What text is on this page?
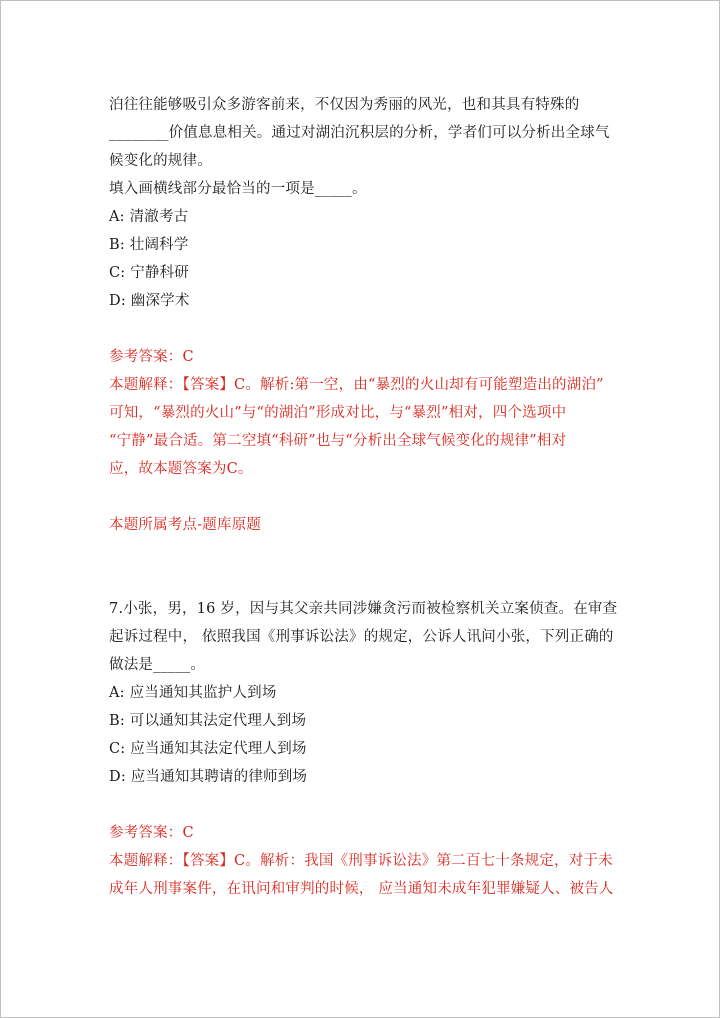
泊往往能够吸引众多游客前来，不仅因为秀丽的风光，也和其具有特殊的
________价值息息相关。通过对湖泊沉积层的分析，学者们可以分析出全球气
候变化的规律。
填入画横线部分最恰当的一项是_____。
A: 清澈考古
B: 壮阔科学
C: 宁静科研
D: 幽深学术
参考答案：C
本题解释：【答案】C。解析:第一空，由“暴烈的火山却有可能塑造出的湖泊”
可知，“暴烈的火山”与“的湖泊”形成对比，与“暴烈”相对，四个选项中
“宁静”最合适。第二空填“科研”也与“分析出全球气候变化的规律”相对
应，故本题答案为C。
本题所属考点-题库原题
7.小张，男，16 岁，因与其父亲共同涉嫌贪污而被检察机关立案侦查。在审查
起诉过程中， 依照我国《刑事诉讼法》的规定，公诉人讯问小张，下列正确的
做法是_____。
A: 应当通知其监护人到场
B: 可以通知其法定代理人到场
C: 应当通知其法定代理人到场
D: 应当通知其聘请的律师到场
参考答案：C
本题解释：【答案】C。解析：我国《刑事诉讼法》第二百七十条规定，对于未
成年人刑事案件，在讯问和审判的时候， 应当通知未成年犯罪嫌疑人、被告人
